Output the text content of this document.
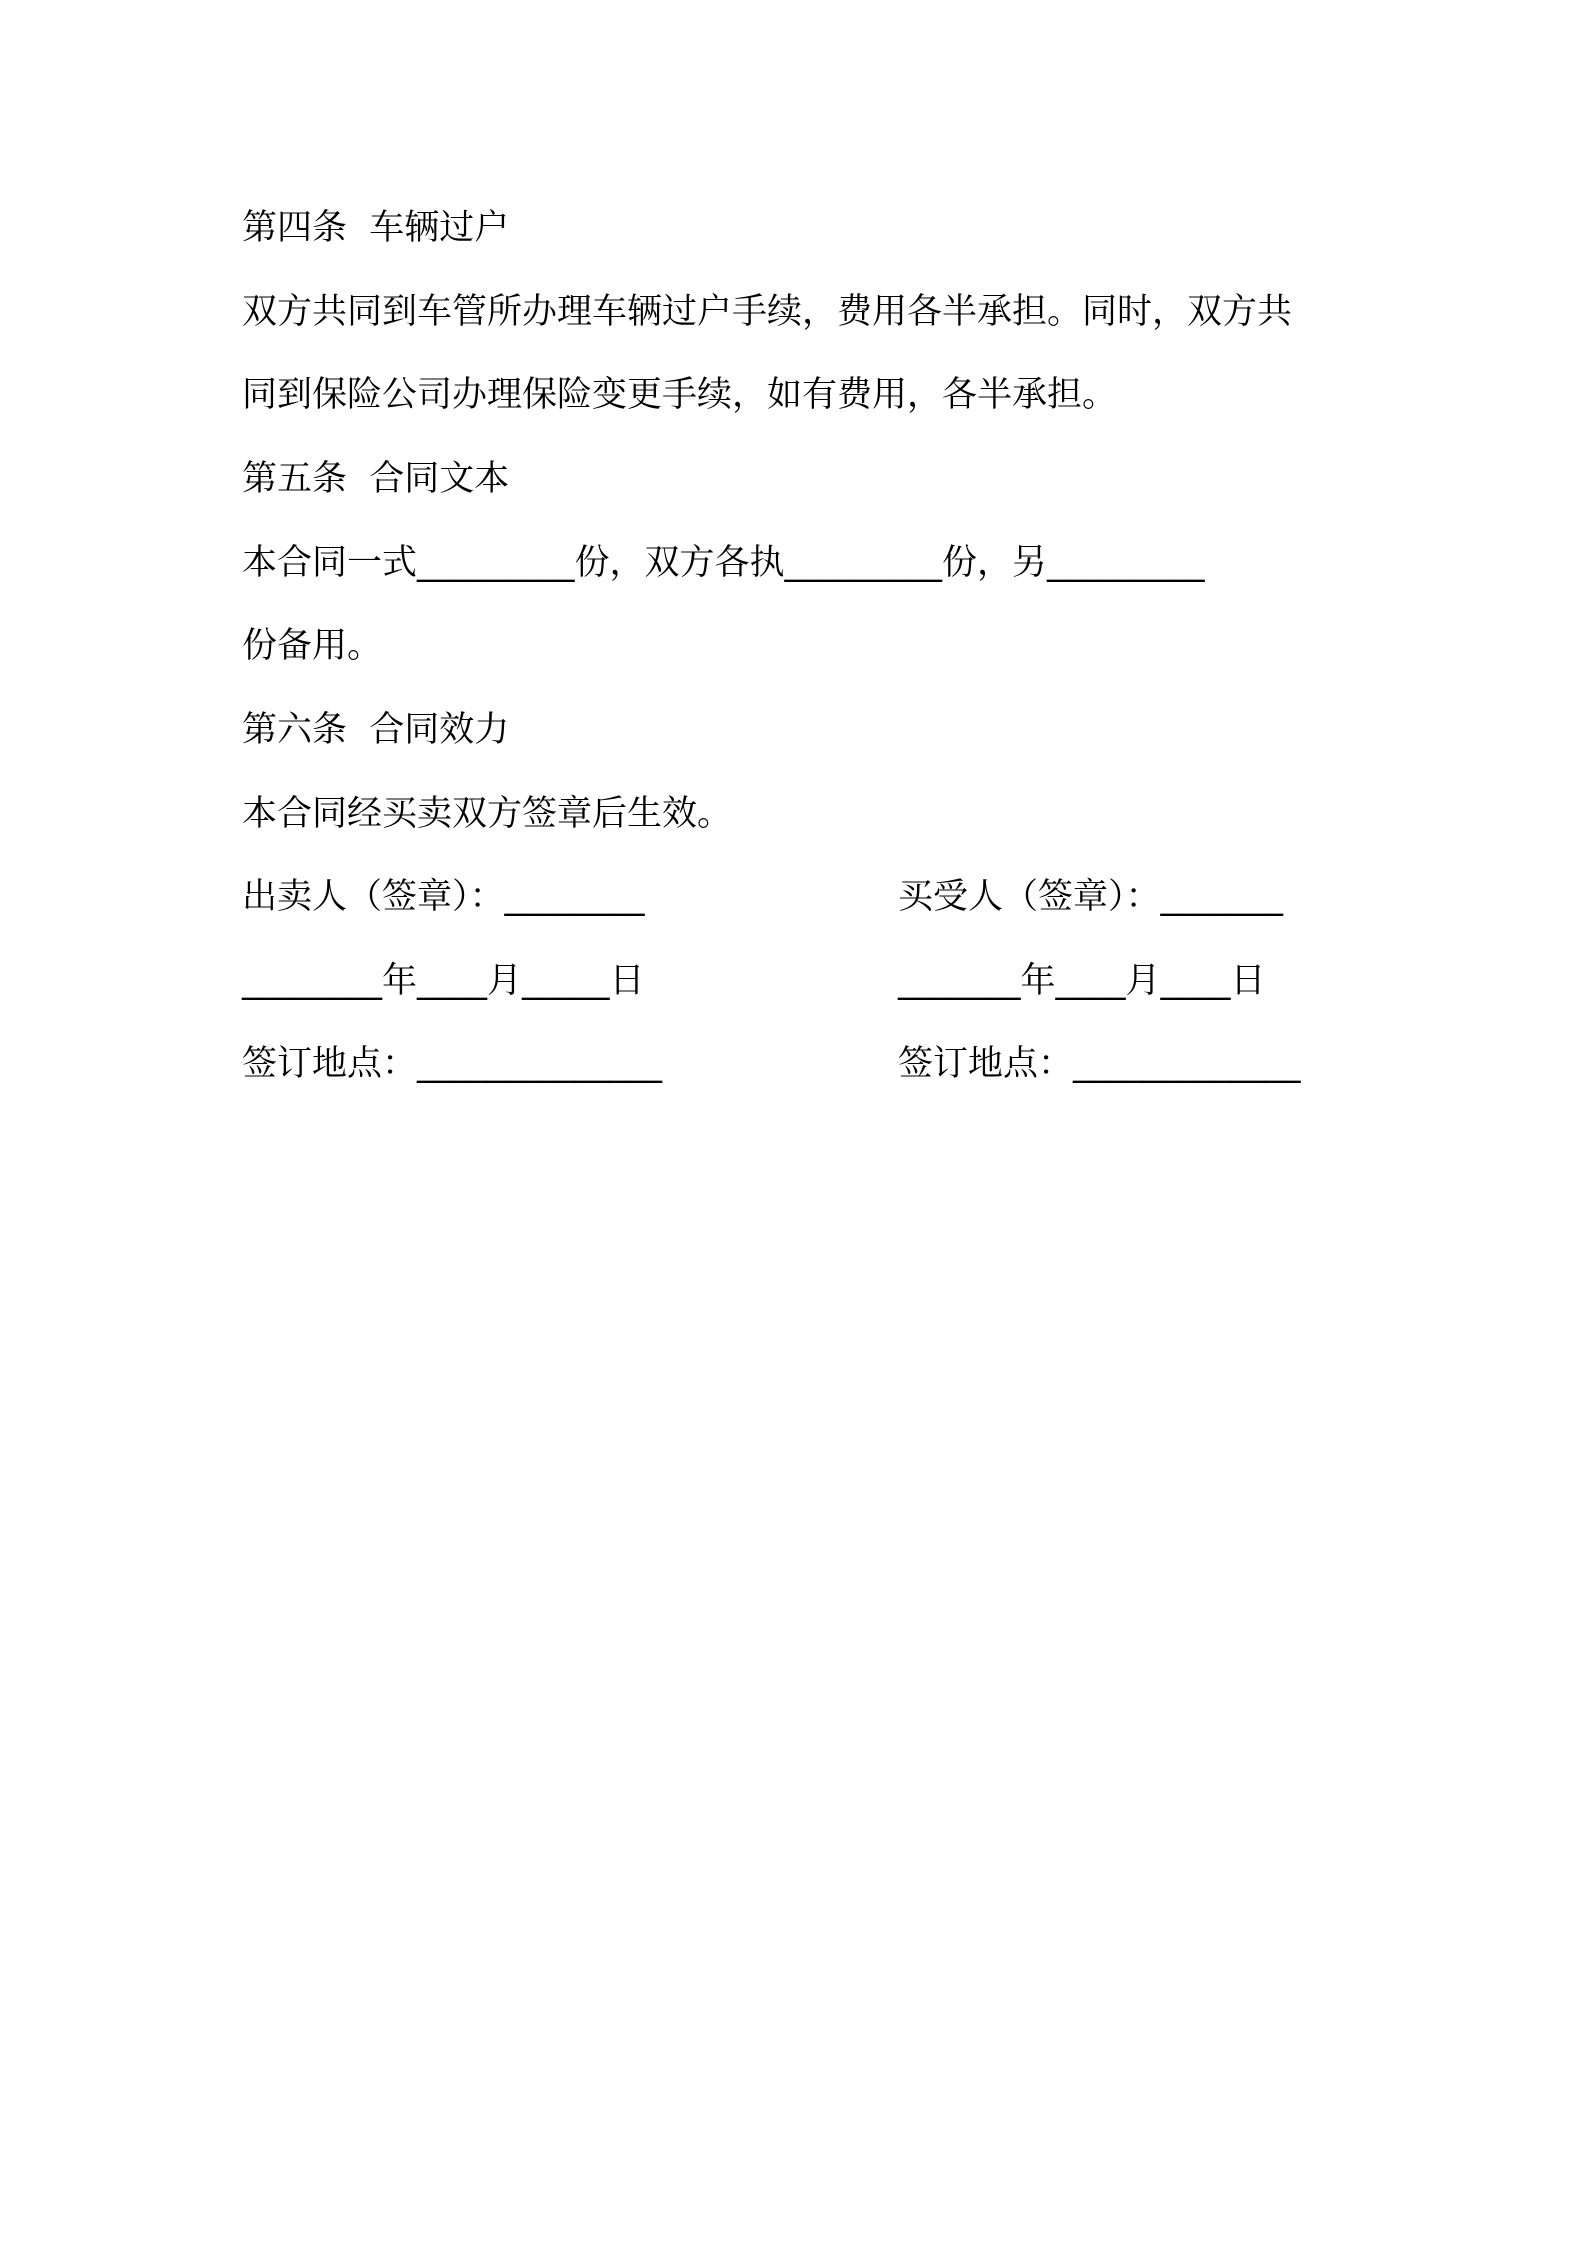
第四条  车辆过户
双方共同到车管所办理车辆过户手续，费用各半承担。同时，双方共
同到保险公司办理保险变更手续，如有费用，各半承担。
第五条  合同文本
本合同一式_________份，双方各执_________份，另_________
份备用。
第六条  合同效力
本合同经买卖双方签章后生效。
出卖人（签章）：________	买受人（签章）：_______
________年____月_____日	_______年____月____日
签订地点：______________	签订地点：_____________
